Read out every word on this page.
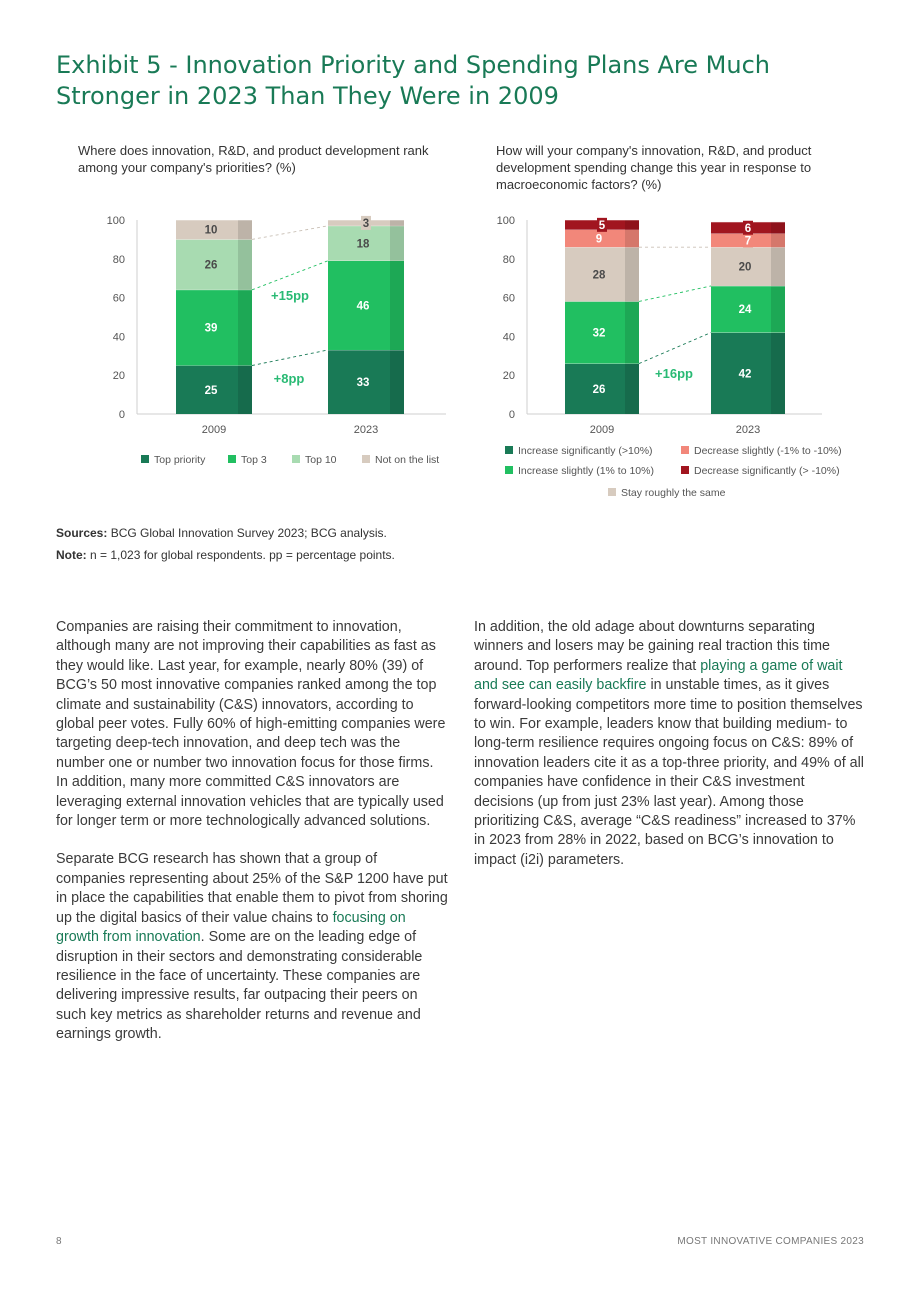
Exhibit 5 - Innovation Priority and Spending Plans Are Much Stronger in 2023 Than They Were in 2009

Where does innovation, R&D, and product development rank among your company's priorities? (%)

How will your company's innovation, R&D, and product development spending change this year in response to macroeconomic factors? (%)

0
20
40
60
80
100
25
39
26
10
2009
33
46
18
3
2023
+8pp
+15pp
Top priority	Top 3	Top 10	Not on the list
0
20
40
60
80
100
26
32
28
9
5
2009
42
24
20
7
6
2023
+16pp
Increase significantly (>10%)
Increase slightly (1% to 10%)
Stay roughly the same
Decrease slightly (-1% to -10%)
Decrease significantly (> -10%)
Sources: BCG Global Innovation Survey 2023; BCG analysis.
Note: n = 1,023 for global respondents. pp = percentage points.

Companies are raising their commitment to innovation, although many are not improving their capabilities as fast as they would like. Last year, for example, nearly 80% (39) of BCG’s 50 most innovative companies ranked among the top climate and sustainability (C&S) innovators, according to global peer votes. Fully 60% of high-emitting companies were targeting deep-tech innovation, and deep tech was the number one or number two innovation focus for those firms. In addition, many more committed C&S innovators are leveraging external innovation vehicles that are typically used for longer term or more technologically advanced solutions.

Separate BCG research has shown that a group of companies representing about 25% of the S&P 1200 have put in place the capabilities that enable them to pivot from shoring up the digital basics of their value chains to focusing on growth from innovation. Some are on the leading edge of disruption in their sectors and demonstrating considerable resilience in the face of uncertainty. These companies are delivering impressive results, far outpacing their peers on such key metrics as shareholder returns and revenue and earnings growth.

In addition, the old adage about downturns separating winners and losers may be gaining real traction this time around. Top performers realize that playing a game of wait and see can easily backfire in unstable times, as it gives forward-looking competitors more time to position themselves to win. For example, leaders know that building medium- to long-term resilience requires ongoing focus on C&S: 89% of innovation leaders cite it as a top-three priority, and 49% of all companies have confidence in their C&S investment decisions (up from just 23% last year). Among those prioritizing C&S, average “C&S readiness” increased to 37% in 2023 from 28% in 2022, based on BCG’s innovation to impact (i2i) parameters.

8	MOST INNOVATIVE COMPANIES 2023
